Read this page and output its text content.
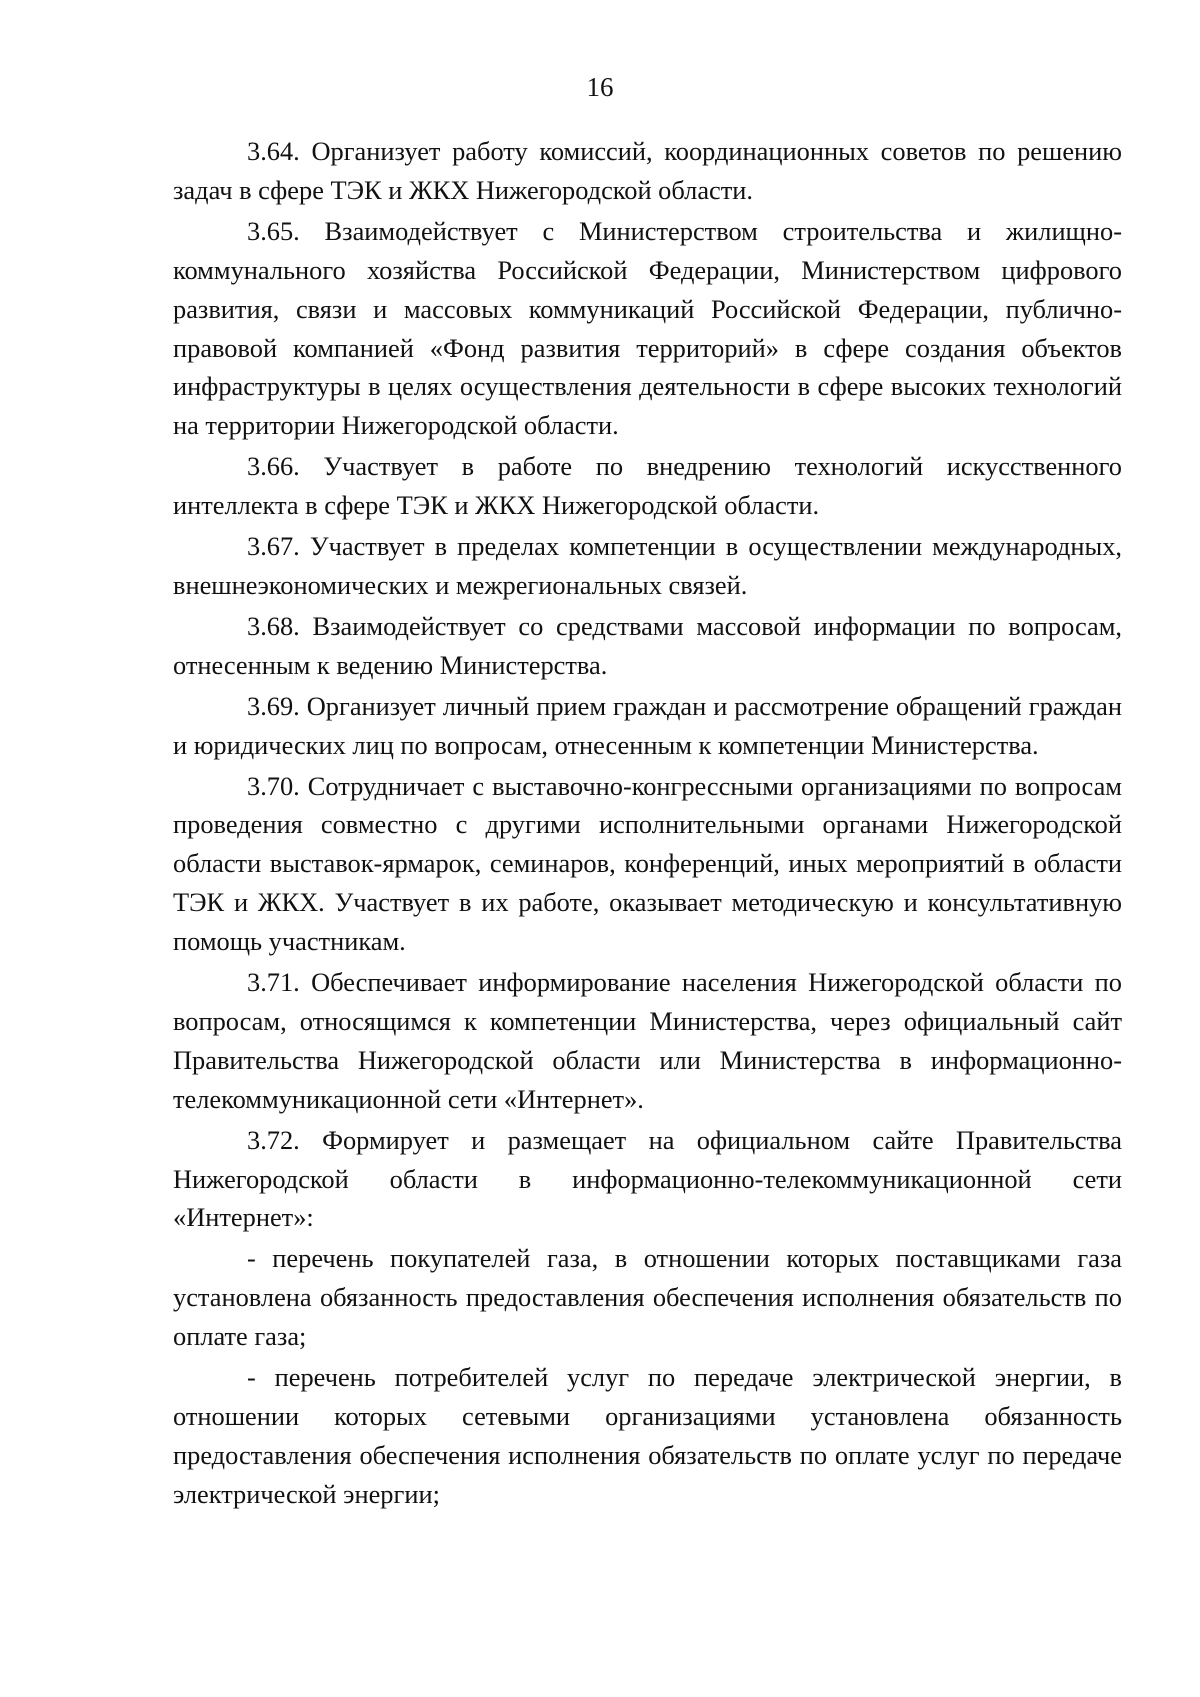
16

3.64. Организует работу комиссий, координационных советов по решению задач в сфере ТЭК и ЖКХ Нижегородской области.

3.65. Взаимодействует с Министерством строительства и жилищно-коммунального хозяйства Российской Федерации, Министерством цифрового развития, связи и массовых коммуникаций Российской Федерации, публично-правовой компанией «Фонд развития территорий» в сфере создания объектов инфраструктуры в целях осуществления деятельности в сфере высоких технологий на территории Нижегородской области.

3.66. Участвует в работе по внедрению технологий искусственного интеллекта в сфере ТЭК и ЖКХ Нижегородской области.

3.67. Участвует в пределах компетенции в осуществлении международных, внешнеэкономических и межрегиональных связей.

3.68. Взаимодействует со средствами массовой информации по вопросам, отнесенным к ведению Министерства.

3.69. Организует личный прием граждан и рассмотрение обращений граждан и юридических лиц по вопросам, отнесенным к компетенции Министерства.

3.70. Сотрудничает с выставочно-конгрессными организациями по вопросам проведения совместно с другими исполнительными органами Нижегородской области выставок-ярмарок, семинаров, конференций, иных мероприятий в области ТЭК и ЖКХ. Участвует в их работе, оказывает методическую и консультативную помощь участникам.

3.71. Обеспечивает информирование населения Нижегородской области по вопросам, относящимся к компетенции Министерства, через официальный сайт Правительства Нижегородской области или Министерства в информационно-телекоммуникационной сети «Интернет».

3.72. Формирует и размещает на официальном сайте Правительства Нижегородской области в информационно-телекоммуникационной сети «Интернет»:

- перечень покупателей газа, в отношении которых поставщиками газа установлена обязанность предоставления обеспечения исполнения обязательств по оплате газа;

- перечень потребителей услуг по передаче электрической энергии, в отношении которых сетевыми организациями установлена обязанность предоставления обеспечения исполнения обязательств по оплате услуг по передаче электрической энергии;
